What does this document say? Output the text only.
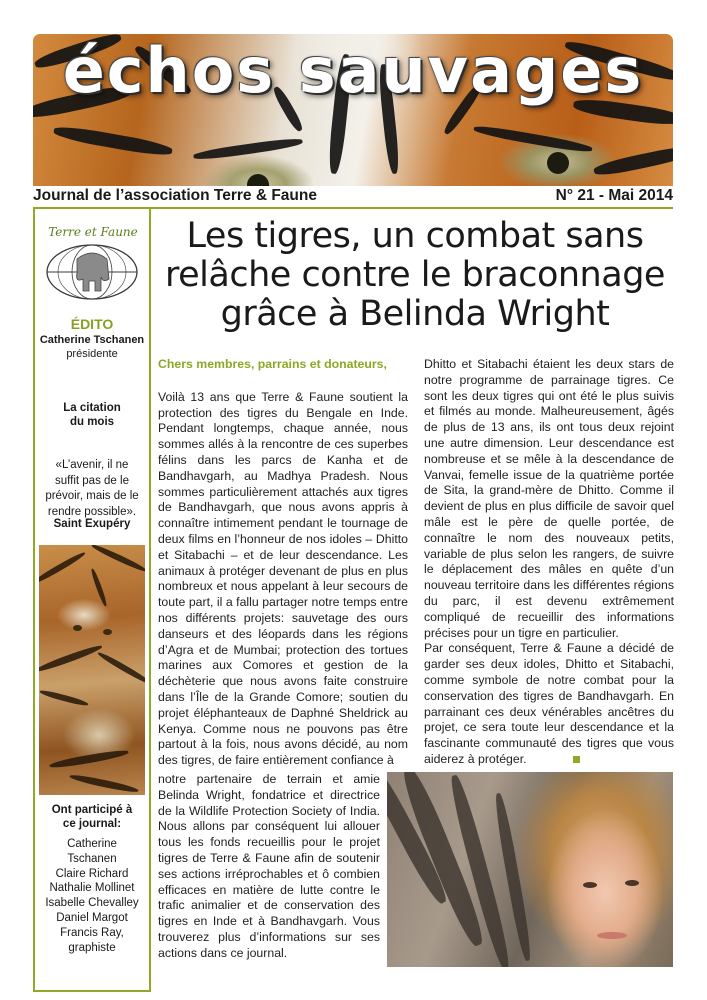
échos sauvages
Journal de l’association Terre & Faune	N° 21 - Mai 2014
Terre et Faune
ÉDITO
Catherine Tschanen
présidente
La citation
du mois
«L’avenir, il ne
suffit pas de le
prévoir, mais de le
rendre possible».
Saint Exupéry
Ont participé à
ce journal:
Catherine
Tschanen
Claire Richard
Nathalie Mollinet
Isabelle Chevalley
Daniel Margot
Francis Ray,
graphiste
Les tigres, un combat sans
relâche contre le braconnage
grâce à Belinda Wright
Chers membres, parrains et donateurs,

Voilà 13 ans que Terre & Faune soutient la protection des tigres du Bengale en Inde. Pendant longtemps, chaque année, nous sommes allés à la rencontre de ces superbes félins dans les parcs de Kanha et de Bandhavgarh, au Madhya Pradesh. Nous sommes particulièrement attachés aux tigres de Bandhavgarh, que nous avons appris à connaître intimement pendant le tournage de deux films en l’honneur de nos idoles – Dhitto et Sitabachi – et de leur descendance. Les animaux à protéger devenant de plus en plus nombreux et nous appelant à leur secours de toute part, il a fallu partager notre temps entre nos différents projets: sauvetage des ours danseurs et des léopards dans les régions d’Agra et de Mumbai; protection des tortues marines aux Comores et gestion de la déchèterie que nous avons faite construire dans l’Île de la Grande Comore; soutien du projet éléphanteaux de Daphné Sheldrick au Kenya. Comme nous ne pouvons pas être partout à la fois, nous avons décidé, au nom des tigres, de faire entièrement confiance à

notre partenaire de terrain et amie Belinda Wright, fondatrice et directrice de la Wildlife Protection Society of India. Nous allons par conséquent lui allouer tous les fonds recueillis pour le projet tigres de Terre & Faune afin de soutenir ses actions irréprochables et ô combien efficaces en matière de lutte contre le trafic animalier et de conservation des tigres en Inde et à Bandhavgarh. Vous trouverez plus d’informations sur ses actions dans ce journal.

Dhitto et Sitabachi étaient les deux stars de notre programme de parrainage tigres. Ce sont les deux tigres qui ont été le plus suivis et filmés au monde. Malheureusement, âgés de plus de 13 ans, ils ont tous deux rejoint une autre dimension. Leur descendance est nombreuse et se mêle à la descendance de Vanvai, femelle issue de la quatrième portée de Sita, la grand-mère de Dhitto. Comme il devient de plus en plus difficile de savoir quel mâle est le père de quelle portée, de connaître le nom des nouveaux petits, variable de plus selon les rangers, de suivre le déplacement des mâles en quête d’un nouveau territoire dans les différentes régions du parc, il est devenu extrêmement compliqué de recueillir des informations précises pour un tigre en particulier.

Par conséquent, Terre & Faune a décidé de garder ses deux idoles, Dhitto et Sitabachi, comme symbole de notre combat pour la conservation des tigres de Bandhavgarh. En parrainant ces deux vénérables ancêtres du projet, ce sera toute leur descendance et la fascinante communauté des tigres que vous aiderez à protéger.
